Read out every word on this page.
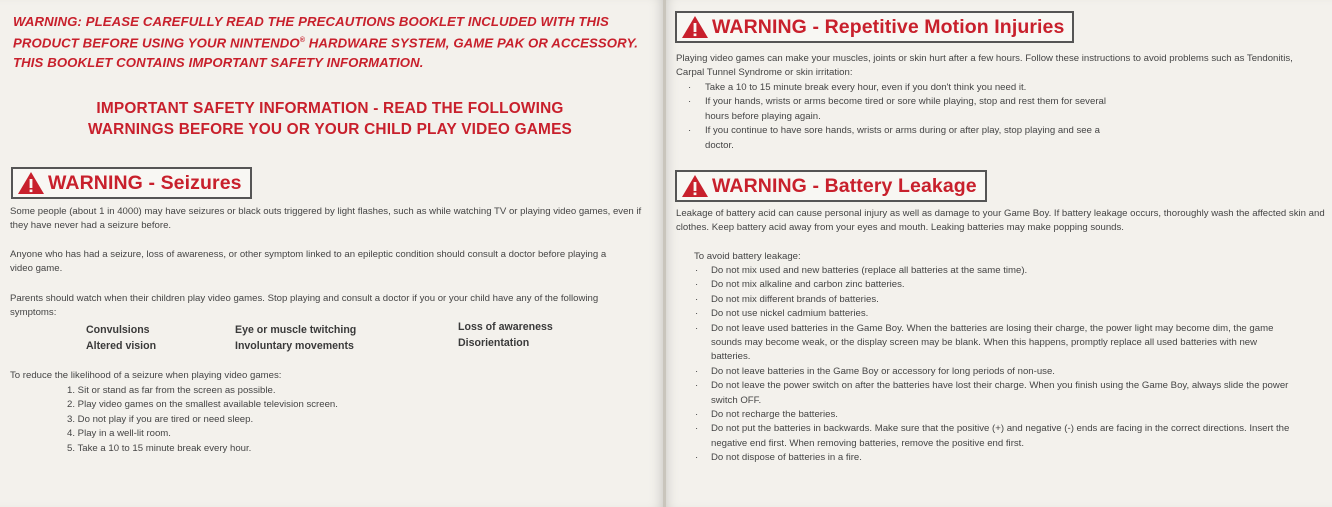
WARNING: PLEASE CAREFULLY READ THE PRECAUTIONS BOOKLET INCLUDED WITH THIS PRODUCT BEFORE USING YOUR NINTENDO® HARDWARE SYSTEM, GAME PAK OR ACCESSORY. THIS BOOKLET CONTAINS IMPORTANT SAFETY INFORMATION.
IMPORTANT SAFETY INFORMATION - READ THE FOLLOWING
WARNINGS BEFORE YOU OR YOUR CHILD PLAY VIDEO GAMES
WARNING - Seizures

Some people (about 1 in 4000) may have seizures or black outs triggered by light flashes, such as while watching TV or playing video games, even if they have never had a seizure before.

Anyone who has had a seizure, loss of awareness, or other symptom linked to an epileptic condition should consult a doctor before playing a video game.

Parents should watch when their children play video games. Stop playing and consult a doctor if you or your child have any of the following symptoms:

Convulsions
Altered vision
Eye or muscle twitching
Involuntary movements
Loss of awareness
Disorientation

To reduce the likelihood of a seizure when playing video games:

1. Sit or stand as far from the screen as possible.
2. Play video games on the smallest available television screen.
3. Do not play if you are tired or need sleep.
4. Play in a well-lit room.
5. Take a 10 to 15 minute break every hour.
WARNING - Repetitive Motion Injuries

Playing video games can make your muscles, joints or skin hurt after a few hours. Follow these instructions to avoid problems such as Tendonitis, Carpal Tunnel Syndrome or skin irritation:

· Take a 10 to 15 minute break every hour, even if you don't think you need it.
· If your hands, wrists or arms become tired or sore while playing, stop and rest them for several hours before playing again.
· If you continue to have sore hands, wrists or arms during or after play, stop playing and see a doctor.
WARNING - Battery Leakage

Leakage of battery acid can cause personal injury as well as damage to your Game Boy. If battery leakage occurs, thoroughly wash the affected skin and clothes. Keep battery acid away from your eyes and mouth. Leaking batteries may make popping sounds.

To avoid battery leakage:

· Do not mix used and new batteries (replace all batteries at the same time).
· Do not mix alkaline and carbon zinc batteries.
· Do not mix different brands of batteries.
· Do not use nickel cadmium batteries.
· Do not leave used batteries in the Game Boy. When the batteries are losing their charge, the power light may become dim, the game sounds may become weak, or the display screen may be blank. When this happens, promptly replace all used batteries with new batteries.
· Do not leave batteries in the Game Boy or accessory for long periods of non-use.
· Do not leave the power switch on after the batteries have lost their charge. When you finish using the Game Boy, always slide the power switch OFF.
· Do not recharge the batteries.
· Do not put the batteries in backwards. Make sure that the positive (+) and negative (-) ends are facing in the correct directions. Insert the negative end first. When removing batteries, remove the positive end first.
· Do not dispose of batteries in a fire.
